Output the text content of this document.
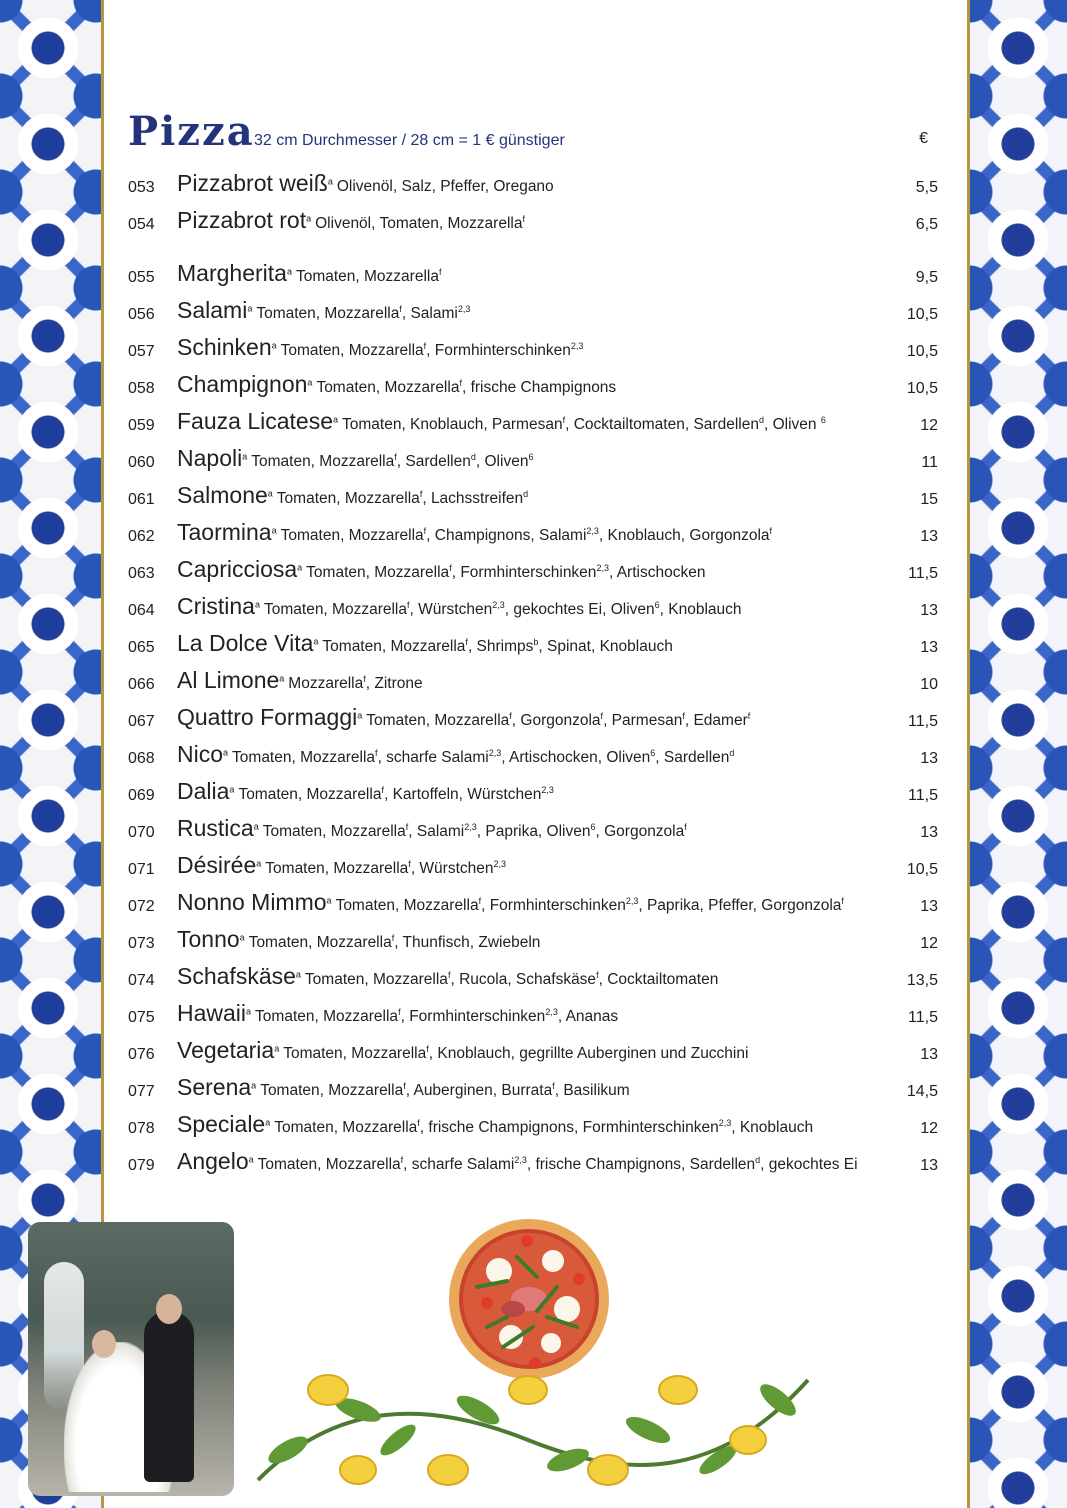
Pizza 32 cm Durchmesser / 28 cm = 1 € günstiger	€
053 Pizzabrot weiß$^a$ Olivenöl, Salz, Pfeffer, Oregano	5,5
054 Pizzabrot rot$^a$ Olivenöl, Tomaten, Mozzarella$^f$	6,5
055 Margherita$^a$ Tomaten, Mozzarella$^f$	9,5
056 Salami$^a$ Tomaten, Mozzarella$^f$, Salami$^{2,3}$	10,5
057 Schinken$^a$ Tomaten, Mozzarella$^f$, Formhinterschinken$^{2,3}$	10,5
058 Champignon$^a$ Tomaten, Mozzarella$^f$, frische Champignons	10,5
059 Fauza Licatese$^a$ Tomaten, Knoblauch, Parmesan$^f$, Cocktailtomaten, Sardellen$^d$, Oliven $^6$	12
060 Napoli$^a$ Tomaten, Mozzarella$^f$, Sardellen$^d$, Oliven$^6$	11
061 Salmone$^a$ Tomaten, Mozzarella$^f$, Lachsstreifen$^d$	15
062 Taormina$^a$ Tomaten, Mozzarella$^f$, Champignons, Salami$^{2,3}$, Knoblauch, Gorgonzola$^f$	13
063 Capricciosa$^a$ Tomaten, Mozzarella$^f$, Formhinterschinken$^{2,3}$, Artischocken	11,5
064 Cristina$^a$ Tomaten, Mozzarella$^f$, Würstchen$^{2,3}$, gekochtes Ei, Oliven$^6$, Knoblauch	13
065 La Dolce Vita$^a$ Tomaten, Mozzarella$^f$, Shrimps$^b$, Spinat, Knoblauch	13
066 Al Limone$^a$ Mozzarella$^f$, Zitrone	10
067 Quattro Formaggi$^a$ Tomaten, Mozzarella$^f$, Gorgonzola$^f$, Parmesan$^f$, Edamer$^f$	11,5
068 Nico$^a$ Tomaten, Mozzarella$^f$, scharfe Salami$^{2,3}$, Artischocken, Oliven$^6$, Sardellen$^d$	13
069 Dalia$^a$ Tomaten, Mozzarella$^f$, Kartoffeln, Würstchen$^{2,3}$	11,5
070 Rustica$^a$ Tomaten, Mozzarella$^f$, Salami$^{2,3}$, Paprika, Oliven$^6$, Gorgonzola$^f$	13
071 Désirée$^a$ Tomaten, Mozzarella$^f$, Würstchen$^{2,3}$	10,5
072 Nonno Mimmo$^a$ Tomaten, Mozzarella$^f$, Formhinterschinken$^{2,3}$, Paprika, Pfeffer, Gorgonzola$^f$	13
073 Tonno$^a$ Tomaten, Mozzarella$^f$, Thunfisch, Zwiebeln	12
074 Schafskäse$^a$ Tomaten, Mozzarella$^f$, Rucola, Schafskäse$^f$, Cocktailtomaten	13,5
075 Hawaii$^a$ Tomaten, Mozzarella$^f$, Formhinterschinken$^{2,3}$, Ananas	11,5
076 Vegetaria$^a$ Tomaten, Mozzarella$^f$, Knoblauch, gegrillte Auberginen und Zucchini	13
077 Serena$^a$ Tomaten, Mozzarella$^f$, Auberginen, Burrata$^f$, Basilikum	14,5
078 Speciale$^a$ Tomaten, Mozzarella$^f$, frische Champignons, Formhinterschinken$^{2,3}$, Knoblauch	12
079 Angelo$^a$ Tomaten, Mozzarella$^f$, scharfe Salami$^{2,3}$, frische Champignons, Sardellen$^d$, gekochtes Ei	13
